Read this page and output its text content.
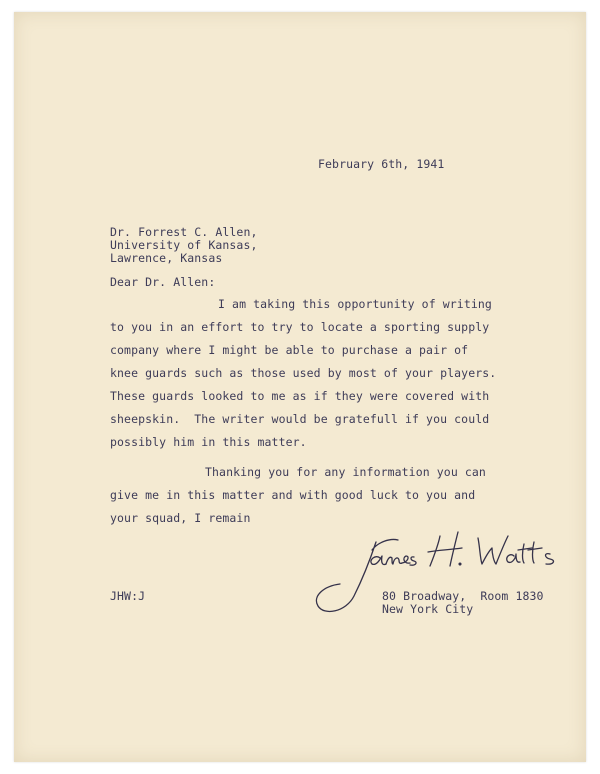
February 6th, 1941
Dr. Forrest C. Allen,
University of Kansas,
Lawrence, Kansas
Dear Dr. Allen:
I am taking this opportunity of writing
to you in an effort to try to locate a sporting supply
company where I might be able to purchase a pair of
knee guards such as those used by most of your players.
These guards looked to me as if they were covered with
sheepskin.  The writer would be gratefull if you could
possibly him in this matter.
Thanking you for any information you can
give me in this matter and with good luck to you and
your squad, I remain
JHW:J	80 Broadway,  Room 1830
New York City
